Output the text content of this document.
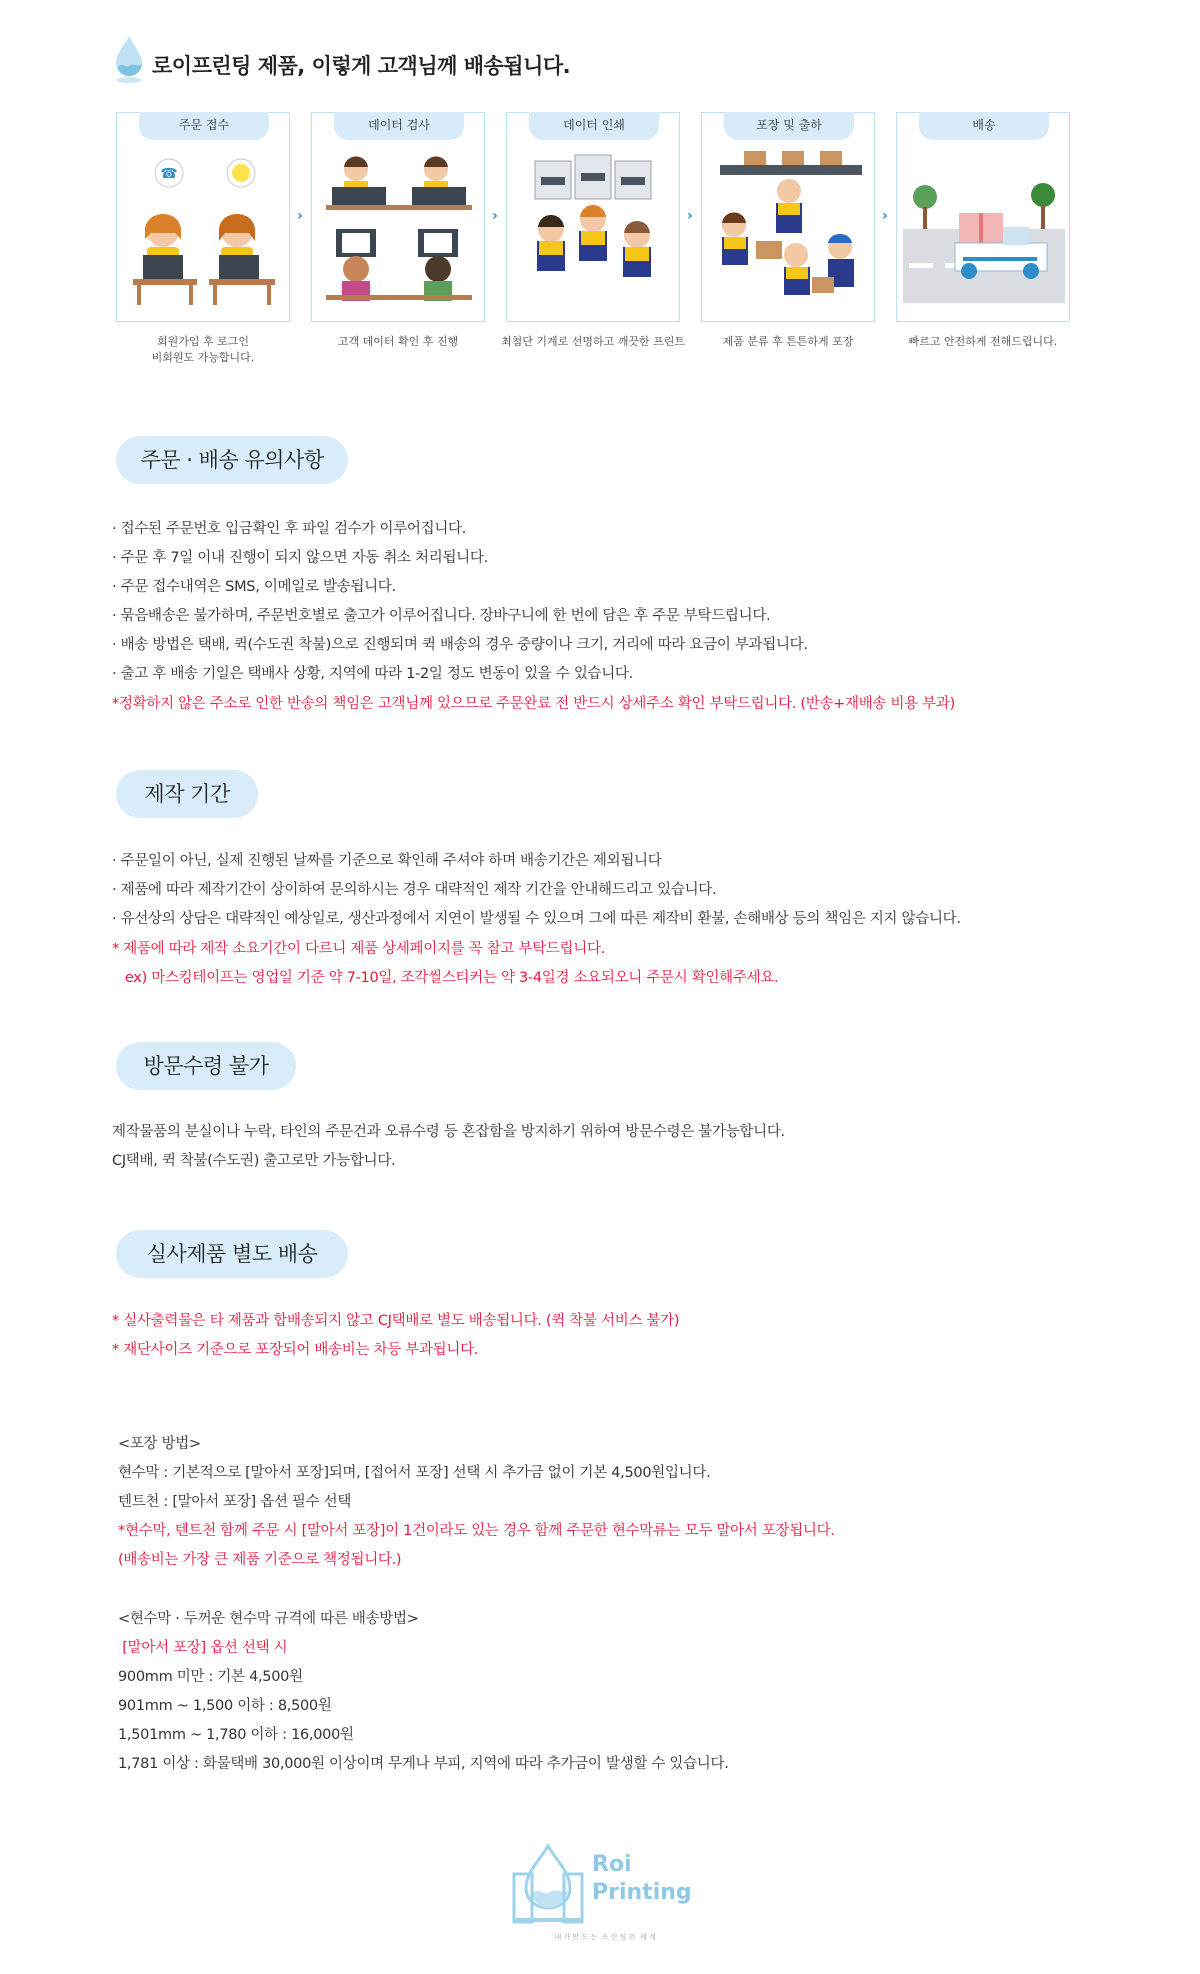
로이프린팅 제품, 이렇게 고객님께 배송됩니다.
주문 접수
☎
›
데이터 검사
›
데이터 인쇄
›
포장 및 출하
›
배송
회원가입 후 로그인
비회원도 가능합니다.
고객 데이터 확인 후 진행	최첨단 기계로 선명하고 깨끗한 프린트	제품 분류 후 튼튼하게 포장	빠르고 안전하게 전해드립니다.
주문 · 배송 유의사항
· 접수된 주문번호 입금확인 후 파일 검수가 이루어집니다.
· 주문 후 7일 이내 진행이 되지 않으면 자동 취소 처리됩니다.
· 주문 접수내역은 SMS, 이메일로 발송됩니다.
· 묶음배송은 불가하며, 주문번호별로 출고가 이루어집니다. 장바구니에 한 번에 담은 후 주문 부탁드립니다.
· 배송 방법은 택배, 퀵(수도권 착불)으로 진행되며 퀵 배송의 경우 중량이나 크기, 거리에 따라 요금이 부과됩니다.
· 출고 후 배송 기일은 택배사 상황, 지역에 따라 1-2일 정도 변동이 있을 수 있습니다.
*정확하지 않은 주소로 인한 반송의 책임은 고객님께 있으므로 주문완료 전 반드시 상세주소 확인 부탁드립니다. (반송+재배송 비용 부과)
제작 기간
· 주문일이 아닌, 실제 진행된 날짜를 기준으로 확인해 주셔야 하며 배송기간은 제외됩니다
· 제품에 따라 제작기간이 상이하여 문의하시는 경우 대략적인 제작 기간을 안내해드리고 있습니다.
· 유선상의 상담은 대략적인 예상일로, 생산과정에서 지연이 발생될 수 있으며 그에 따른 제작비 환불, 손해배상 등의 책임은 지지 않습니다.
* 제품에 따라 제작 소요기간이 다르니 제품 상세페이지를 꼭 참고 부탁드립니다.
ex) 마스킹테이프는 영업일 기준 약 7-10일, 조각씰스티커는 약 3-4일경 소요되오니 주문시 확인해주세요.
방문수령 불가
제작물품의 분실이나 누락, 타인의 주문건과 오류수령 등 혼잡함을 방지하기 위하여 방문수령은 불가능합니다.
CJ택배, 퀵 착불(수도권) 출고로만 가능합니다.
실사제품 별도 배송
* 실사출력물은 타 제품과 합배송되지 않고 CJ택배로 별도 배송됩니다. (퀵 착불 서비스 불가)
* 재단사이즈 기준으로 포장되어 배송비는 차등 부과됩니다.
<포장 방법>
현수막 : 기본적으로 [말아서 포장]되며, [접어서 포장] 선택 시 추가금 없이 기본 4,500원입니다.
텐트천 : [말아서 포장] 옵션 필수 선택
*현수막, 텐트천 함께 주문 시 [말아서 포장]이 1건이라도 있는 경우 함께 주문한 현수막류는 모두 말아서 포장됩니다.
(배송비는 가장 큰 제품 기준으로 책정됩니다.)
<현수막 · 두꺼운 현수막 규격에 따른 배송방법>
[말아서 포장] 옵션 선택 시
900mm 미만 : 기본 4,500원
901mm ~ 1,500 이하 : 8,500원
1,501mm ~ 1,780 이하 : 16,000원
1,781 이상 : 화물택배 30,000원 이상이며 무게나 부피, 지역에 따라 추가금이 발생할 수 있습니다.
Roi
Printing
내 가 만 드 는  프 린 팅 의  세 계
